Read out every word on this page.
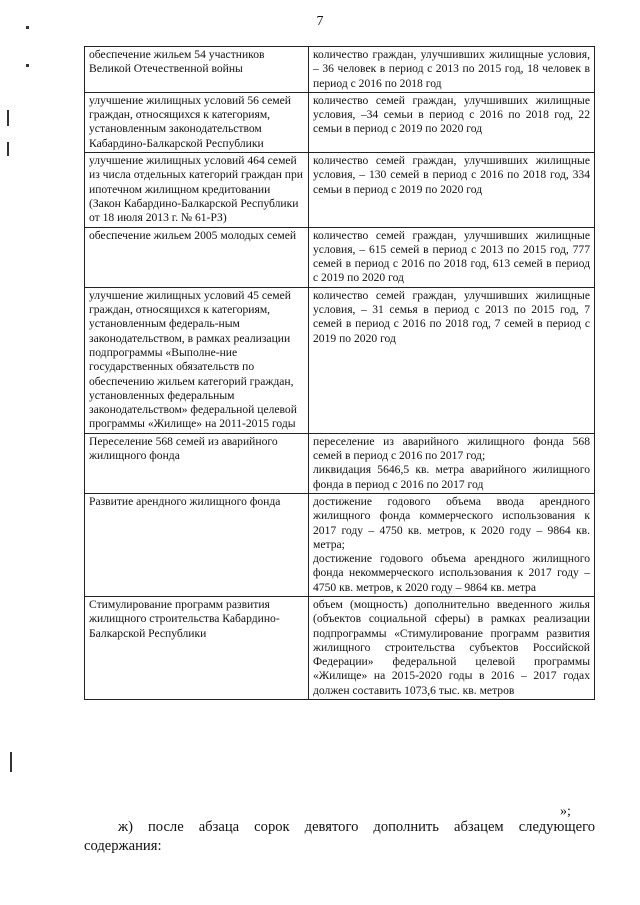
7
обеспечение жильем 54 участников Великой Отечественной войны	количество граждан, улучшивших жилищные условия, – 36 человек в период с 2013 по 2015 год, 18 человек в период с 2016 по 2018 год
улучшение жилищных условий 56 семей граждан, относящихся к категориям, установленным законодательством Кабардино-Балкарской Республики	количество семей граждан, улучшивших жилищные условия, –34 семьи в период с 2016 по 2018 год, 22 семьи в период с 2019 по 2020 год
улучшение жилищных условий 464 семей из числа отдельных категорий граждан при ипотечном жилищном кредитовании (Закон Кабардино-Балкарской Республики от 18 июля 2013 г. № 61-РЗ)	количество семей граждан, улучшивших жилищные условия, – 130 семей в период с 2016 по 2018 год, 334 семьи в период с 2019 по 2020 год
обеспечение жильем 2005 молодых семей	количество семей граждан, улучшивших жилищные условия, – 615 семей в период с 2013 по 2015 год, 777 семей в период с 2016 по 2018 год, 613 семей в период с 2019 по 2020 год
улучшение жилищных условий 45 семей граждан, относящихся к категориям, установленным федераль-ным законодательством, в рамках реализации подпрограммы «Выполне-ние государственных обязательств по обеспечению жильем категорий граждан, установленных федеральным законодательством» федеральной целевой программы «Жилище» на 2011-2015 годы	количество семей граждан, улучшивших жилищные условия, – 31 семья в период с 2013 по 2015 год, 7 семей в период с 2016 по 2018 год, 7 семей в период с 2019 по 2020 год
Переселение 568 семей из аварийного жилищного фонда	переселение из аварийного жилищного фонда 568 семей в период с 2016 по 2017 год;
ликвидация 5646,5 кв. метра аварийного жилищного фонда в период с 2016 по 2017 год
Развитие арендного жилищного фонда	достижение годового объема ввода арендного жилищного фонда коммерческого использования к 2017 году – 4750 кв. метров, к 2020 году – 9864 кв. метра;
достижение годового объема арендного жилищного фонда некоммерческого использования к 2017 году – 4750 кв. метров, к 2020 году – 9864 кв. метра
Стимулирование программ развития жилищного строительства Кабардино-Балкарской Республики	объем (мощность) дополнительно введенного жилья (объектов социальной сферы) в рамках реализации подпрограммы «Стимулирование программ развития жилищного строительства субъектов Российской Федерации» федеральной целевой программы «Жилище» на 2015-2020 годы в 2016 – 2017 годах должен составить 1073,6 тыс. кв. метров
»;
ж) после абзаца сорок девятого дополнить абзацем следующего содержания:
